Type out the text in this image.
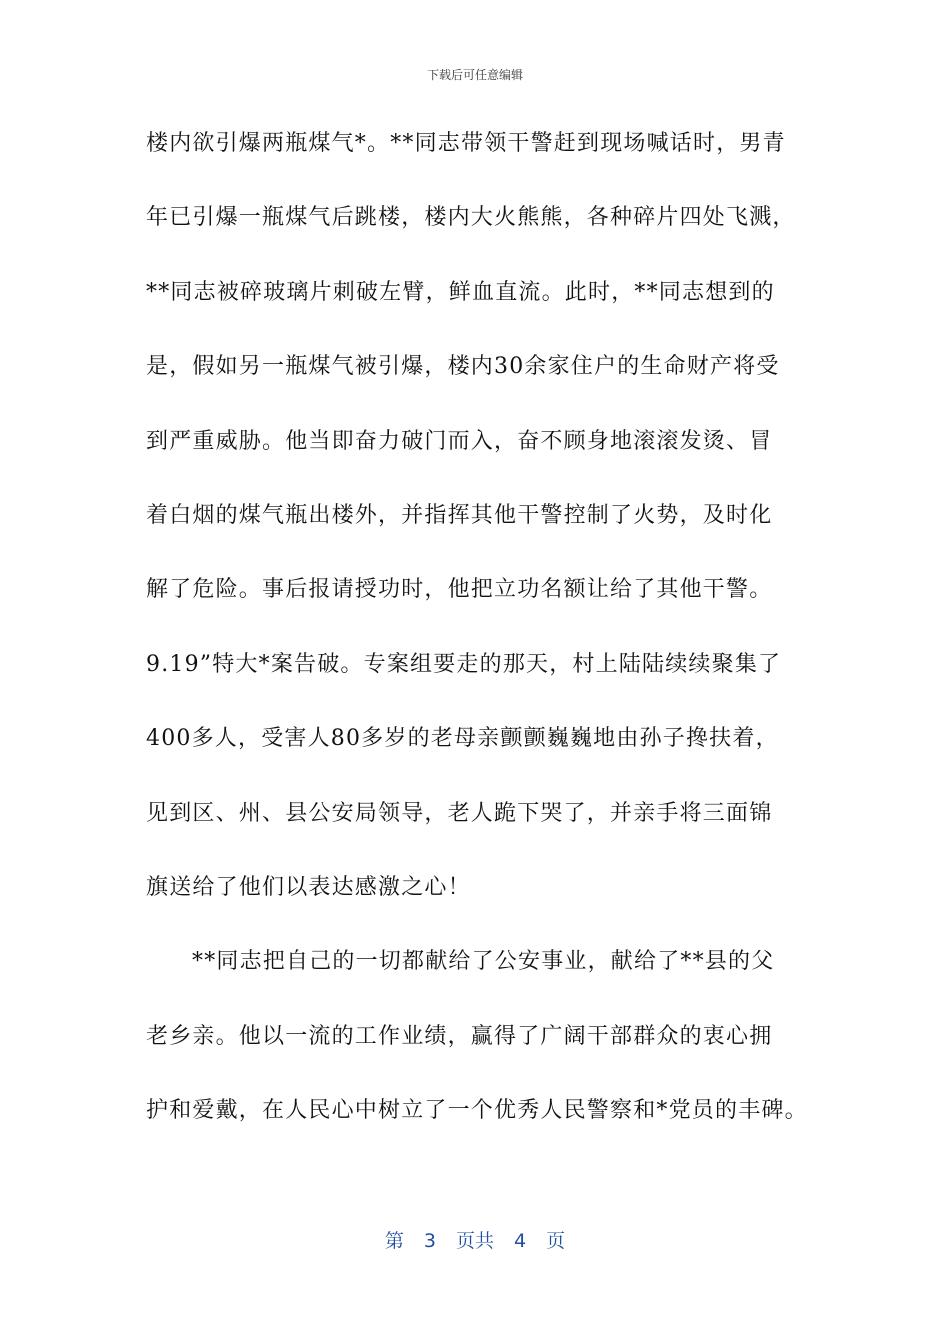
下载后可任意编辑
楼内欲引爆两瓶煤气*。**同志带领干警赶到现场喊话时，男青
年已引爆一瓶煤气后跳楼，楼内大火熊熊，各种碎片四处飞溅，
**同志被碎玻璃片刺破左臂，鲜血直流。此时，**同志想到的
是，假如另一瓶煤气被引爆，楼内30余家住户的生命财产将受
到严重威胁。他当即奋力破门而入，奋不顾身地滚滚发烫、冒
着白烟的煤气瓶出楼外，并指挥其他干警控制了火势，及时化
解了危险。事后报请授功时，他把立功名额让给了其他干警。
9.19”特大*案告破。专案组要走的那天，村上陆陆续续聚集了
400多人，受害人80多岁的老母亲颤颤巍巍地由孙子搀扶着，
见到区、州、县公安局领导，老人跪下哭了，并亲手将三面锦
旗送给了他们以表达感激之心！
**同志把自己的一切都献给了公安事业，献给了**县的父
老乡亲。他以一流的工作业绩，赢得了广阔干部群众的衷心拥
护和爱戴，在人民心中树立了一个优秀人民警察和*党员的丰碑。
第 3 页共 4 页
